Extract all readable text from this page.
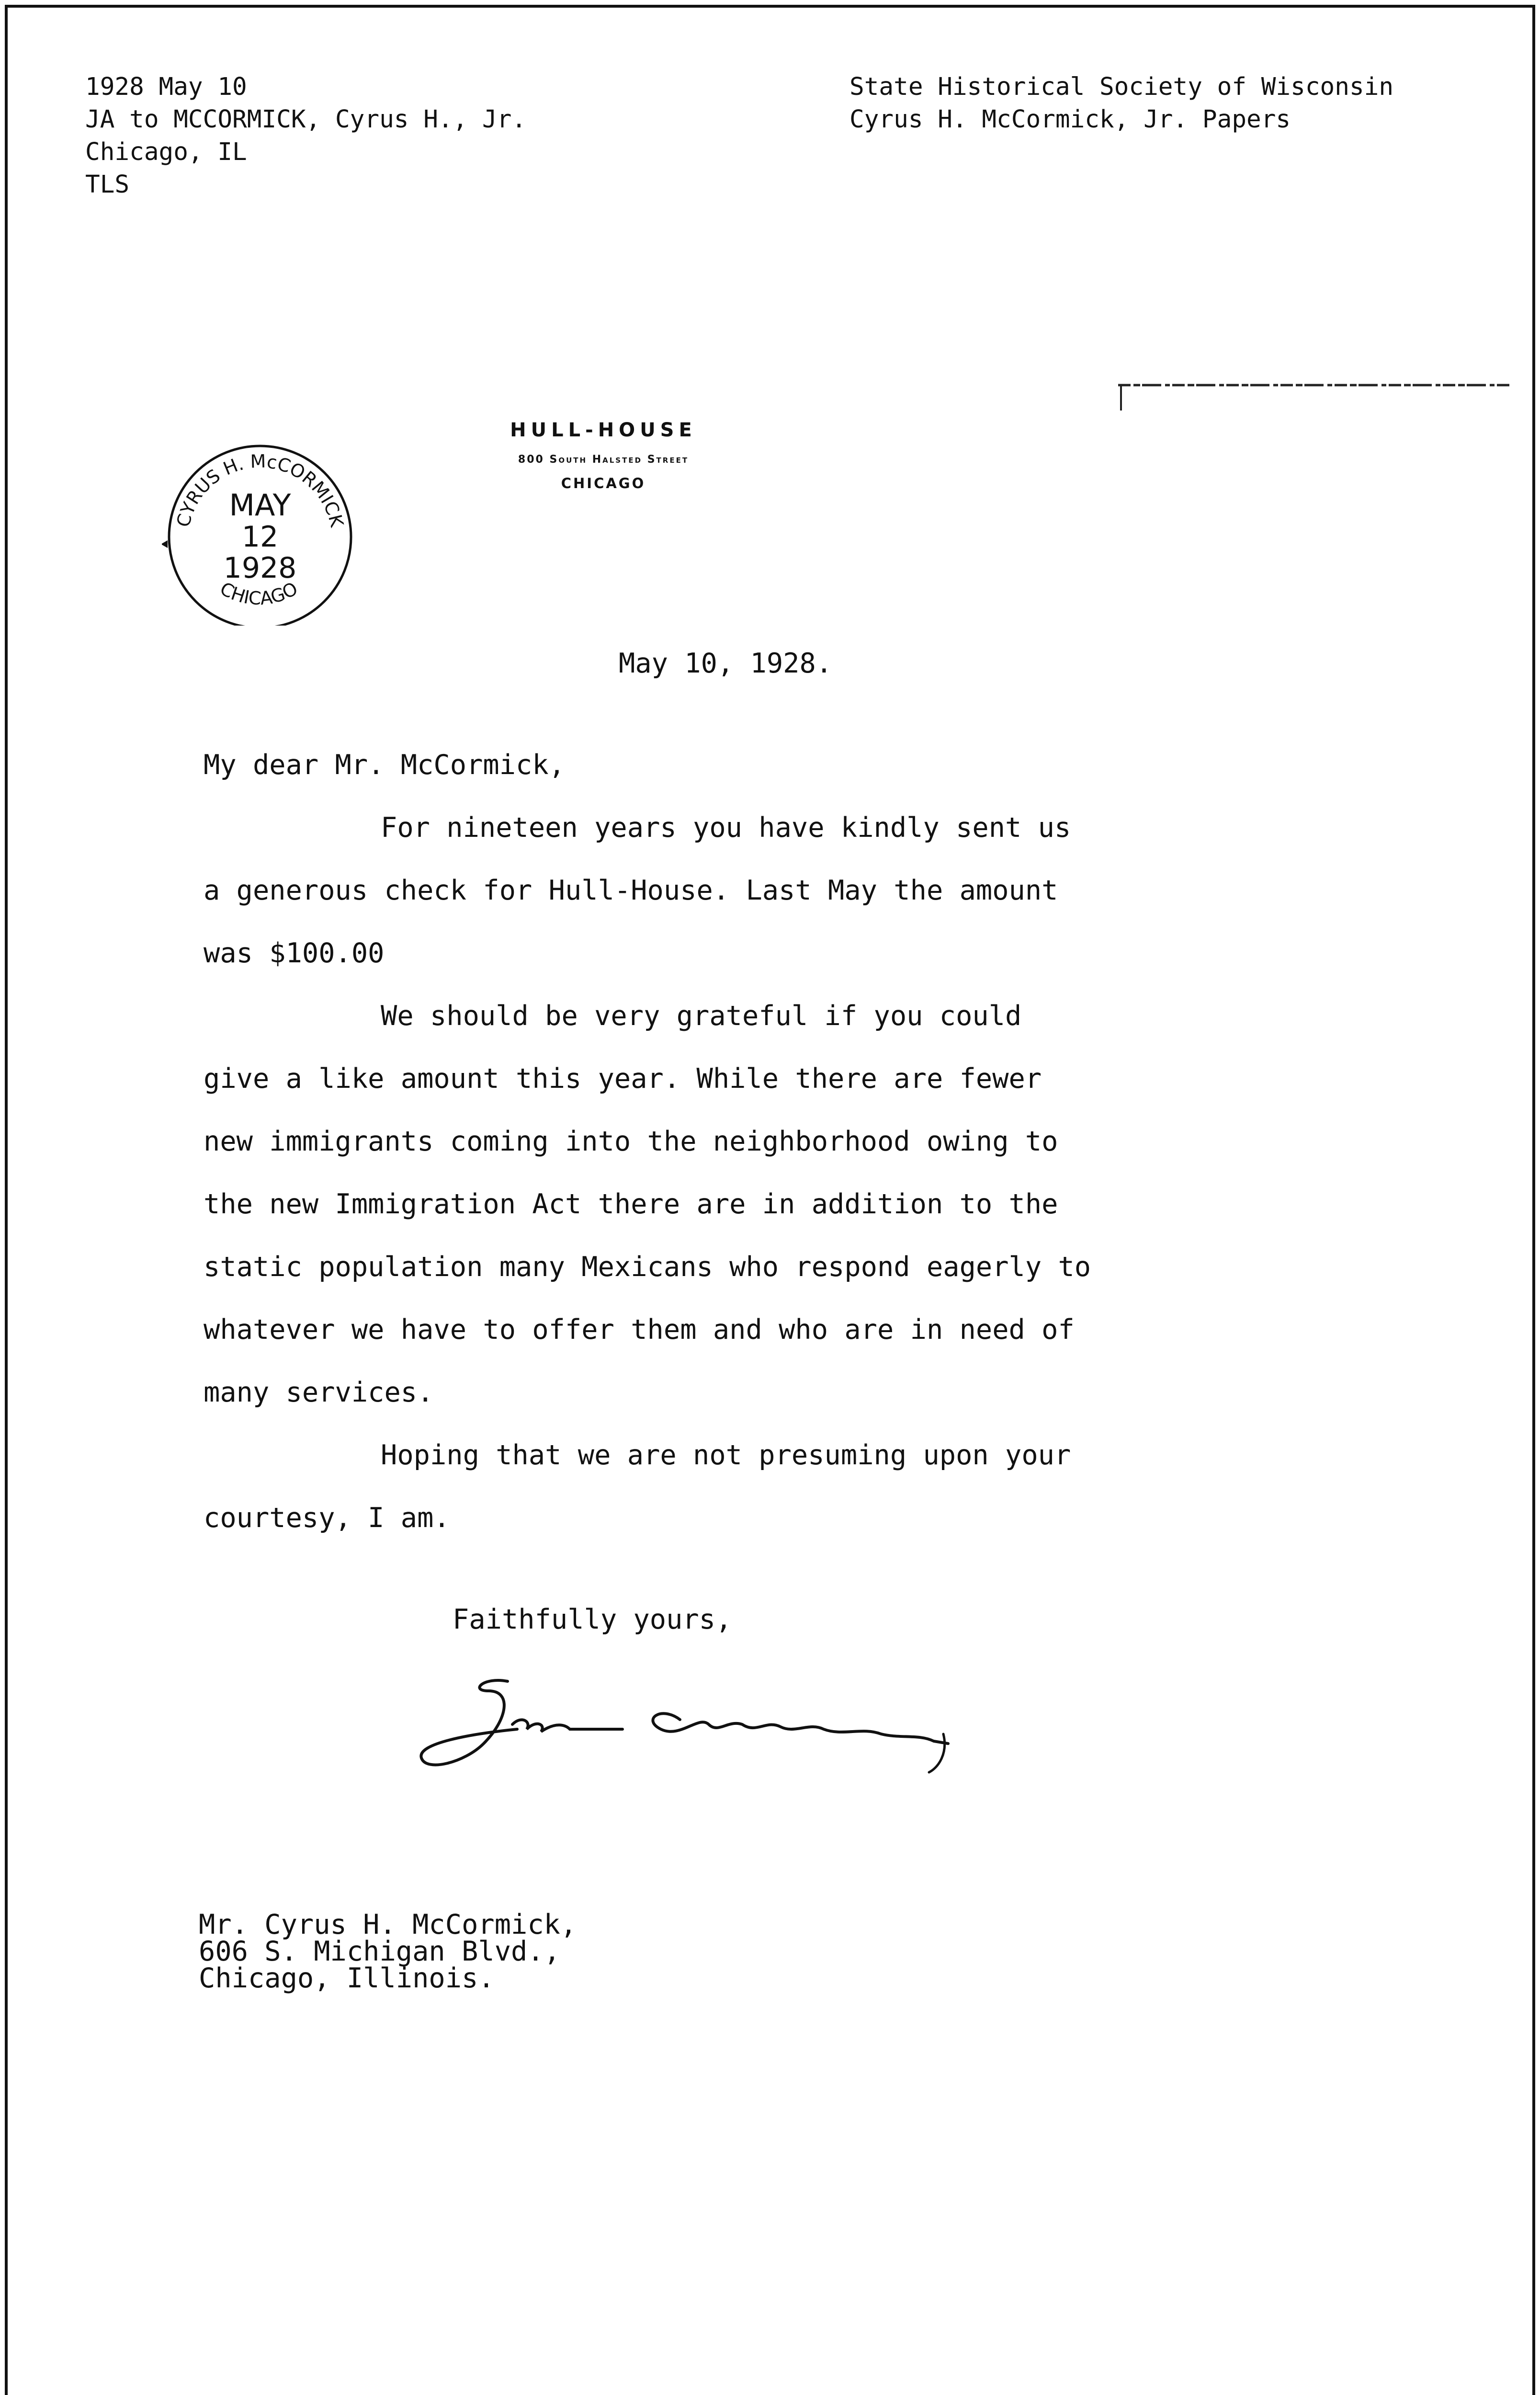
1928 May 10
JA to MCCORMICK, Cyrus H., Jr.
Chicago, IL
TLS
State Historical Society of Wisconsin
Cyrus H. McCormick, Jr. Papers
CYRUS H. McCORMICK
CHICAGO
MAY
12
1928
HULL-HOUSE
800 South Halsted Street
CHICAGO
May 10, 1928.

My dear Mr. McCormick,

For nineteen years you have kindly sent us a generous check for Hull-House. Last May the amount was $100.00

We should be very grateful if you could give a like amount this year. While there are fewer new immigrants coming into the neighborhood owing to the new Immigration Act there are in addition to the static population many Mexicans who respond eagerly to whatever we have to offer them and who are in need of many services.

Hoping that we are not presuming upon your courtesy, I am.

Faithfully yours,
Mr. Cyrus H. McCormick,
606 S. Michigan Blvd.,
Chicago, Illinois.
